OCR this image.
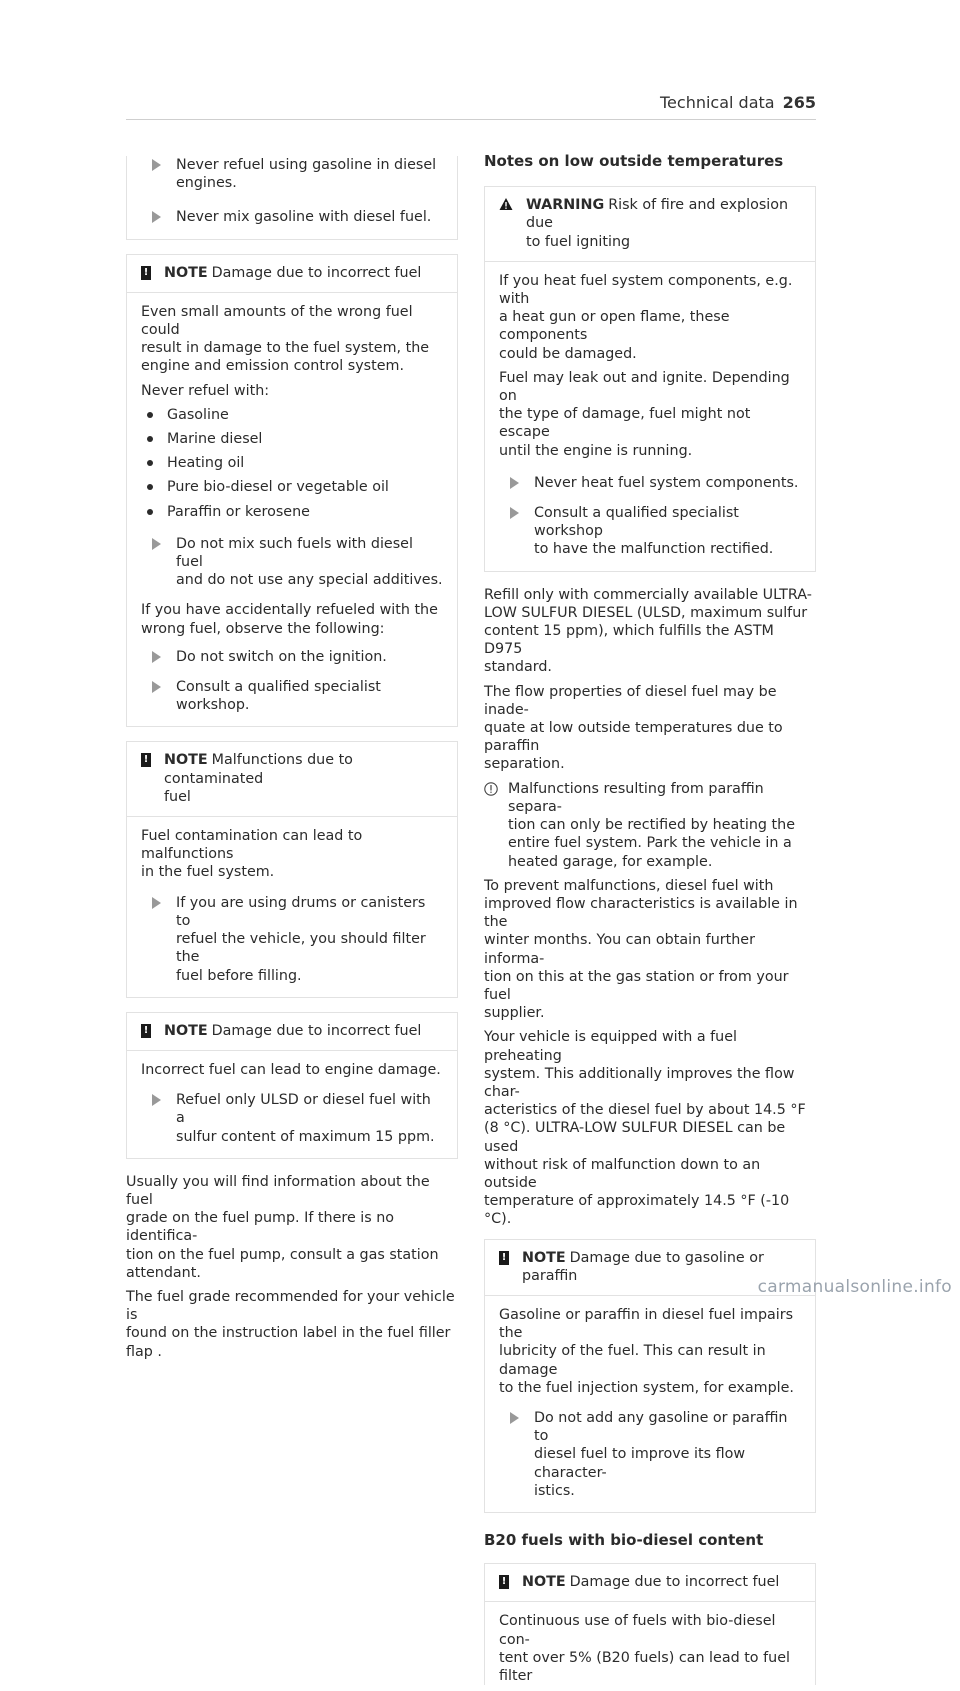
Technical data 265
Never refuel using gasoline in diesel
engines.
Never mix gasoline with diesel fuel.
! NOTE Damage due to incorrect fuel

Even small amounts of the wrong fuel could
result in damage to the fuel system, the
engine and emission control system.

Never refuel with:

Gasoline
Marine diesel
Heating oil
Pure bio-diesel or vegetable oil
Paraffin or kerosene
Do not mix such fuels with diesel fuel
and do not use any special additives.

If you have accidentally refueled with the
wrong fuel, observe the following:

Do not switch on the ignition.
Consult a qualified specialist workshop.
! NOTE Malfunctions due to contaminated
fuel

Fuel contamination can lead to malfunctions
in the fuel system.

If you are using drums or canisters to
refuel the vehicle, you should filter the
fuel before filling.
! NOTE Damage due to incorrect fuel

Incorrect fuel can lead to engine damage.

Refuel only ULSD or diesel fuel with a
sulfur content of maximum 15 ppm.

Usually you will find information about the fuel
grade on the fuel pump. If there is no identifica-
tion on the fuel pump, consult a gas station
attendant.

The fuel grade recommended for your vehicle is
found on the instruction label in the fuel filler
flap .

Notes on low outside temperatures

WARNING Risk of fire and explosion due
to fuel igniting

If you heat fuel system components, e.g. with
a heat gun or open flame, these components
could be damaged.

Fuel may leak out and ignite. Depending on
the type of damage, fuel might not escape
until the engine is running.

Never heat fuel system components.
Consult a qualified specialist workshop
to have the malfunction rectified.

Refill only with commercially available ULTRA-
LOW SULFUR DIESEL (ULSD, maximum sulfur
content 15 ppm), which fulfills the ASTM D975
standard.

The flow properties of diesel fuel may be inade-
quate at low outside temperatures due to paraffin
separation.

Malfunctions resulting from paraffin separa-
tion can only be rectified by heating the
entire fuel system. Park the vehicle in a
heated garage, for example.

To prevent malfunctions, diesel fuel with
improved flow characteristics is available in the
winter months. You can obtain further informa-
tion on this at the gas station or from your fuel
supplier.

Your vehicle is equipped with a fuel preheating
system. This additionally improves the flow char-
acteristics of the diesel fuel by about 14.5 °F
(8 °C). ULTRA-LOW SULFUR DIESEL can be used
without risk of malfunction down to an outside
temperature of approximately 14.5 °F (-10 °C).

! NOTE Damage due to gasoline or paraffin

Gasoline or paraffin in diesel fuel impairs the
lubricity of the fuel. This can result in damage
to the fuel injection system, for example.

Do not add any gasoline or paraffin to
diesel fuel to improve its flow character-
istics.

B20 fuels with bio-diesel content

! NOTE Damage due to incorrect fuel

Continuous use of fuels with bio-diesel con-
tent over 5% (B20 fuels) can lead to fuel filter

carmanualsonline.info
